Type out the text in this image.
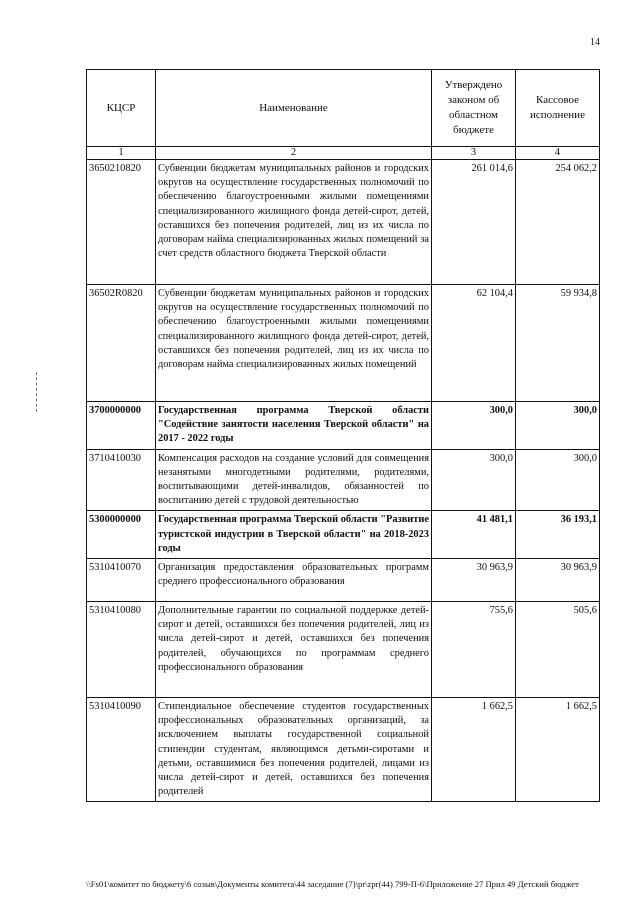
14
КЦСР	Наименование	Утверждено законом об областном бюджете	Кассовое исполнение
1	2	3	4
3650210820	Субвенции бюджетам муниципальных районов и городских округов на осуществление государственных полномочий по обеспечению благоустроенными жилыми помещениями специализированного жилищного фонда детей-сирот, детей, оставшихся без попечения родителей, лиц из их числа по договорам найма специализированных жилых помещений за счет средств областного бюджета Тверской области	261 014,6	254 062,2
36502R0820	Субвенции бюджетам муниципальных районов и городских округов на осуществление государственных полномочий по обеспечению благоустроенными жилыми помещениями специализированного жилищного фонда детей-сирот, детей, оставшихся без попечения родителей, лиц из их числа по договорам найма специализированных жилых помещений	62 104,4	59 934,8
3700000000	Государственная программа Тверской области "Содействие занятости населения Тверской области" на 2017 - 2022 годы	300,0	300,0
3710410030	Компенсация расходов на создание условий для совмещения незанятыми многодетными родителями, родителями, воспитывающими детей-инвалидов, обязанностей по воспитанию детей с трудовой деятельностью	300,0	300,0
5300000000	Государственная программа Тверской области "Развитие туристской индустрии в Тверской области" на 2018-2023 годы	41 481,1	36 193,1
5310410070	Организация предоставления образовательных программ среднего профессионального образования	30 963,9	30 963,9
5310410080	Дополнительные гарантии по социальной поддержке детей-сирот и детей, оставшихся без попечения родителей, лиц из числа детей-сирот и детей, оставшихся без попечения родителей, обучающихся по программам среднего профессионального образования	755,6	505,6
5310410090	Стипендиальное обеспечение студентов государственных профессиональных образовательных организаций, за исключением выплаты государственной социальной стипендии студентам, являющимся детьми-сиротами и детьми, оставшимися без попечения родителей, лицами из числа детей-сирот и детей, оставшихся без попечения родителей	1 662,5	1 662,5
\\Fs01\комитет по бюджету\6 созыв\Документы комитета\44 заседание (7)\pr\zpr(44) 799-П-6\Приложение 27 Прил 49 Детский бюджет
